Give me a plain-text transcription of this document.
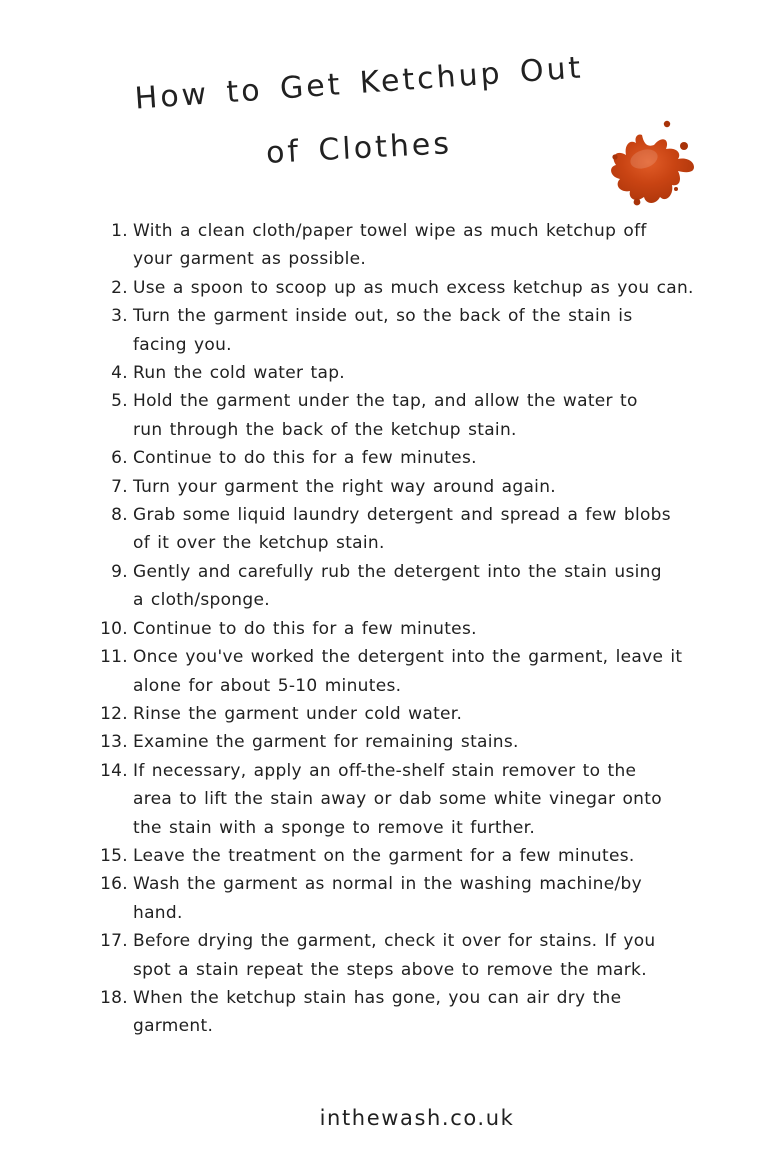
How to Get Ketchup Out
of Clothes
1. With a clean cloth/paper towel wipe as much ketchup off
your garment as possible.
2. Use a spoon to scoop up as much excess ketchup as you can.
3. Turn the garment inside out, so the back of the stain is
facing you.
4. Run the cold water tap.
5. Hold the garment under the tap, and allow the water to
run through the back of the ketchup stain.
6. Continue to do this for a few minutes.
7. Turn your garment the right way around again.
8. Grab some liquid laundry detergent and spread a few blobs
of it over the ketchup stain.
9. Gently and carefully rub the detergent into the stain using
a cloth/sponge.
10. Continue to do this for a few minutes.
11. Once you've worked the detergent into the garment, leave it
alone for about 5-10 minutes.
12. Rinse the garment under cold water.
13. Examine the garment for remaining stains.
14. If necessary, apply an off-the-shelf stain remover to the
area to lift the stain away or dab some white vinegar onto
the stain with a sponge to remove it further.
15. Leave the treatment on the garment for a few minutes.
16. Wash the garment as normal in the washing machine/by
hand.
17. Before drying the garment, check it over for stains. If you
spot a stain repeat the steps above to remove the mark.
18. When the ketchup stain has gone, you can air dry the
garment.
inthewash.co.uk
